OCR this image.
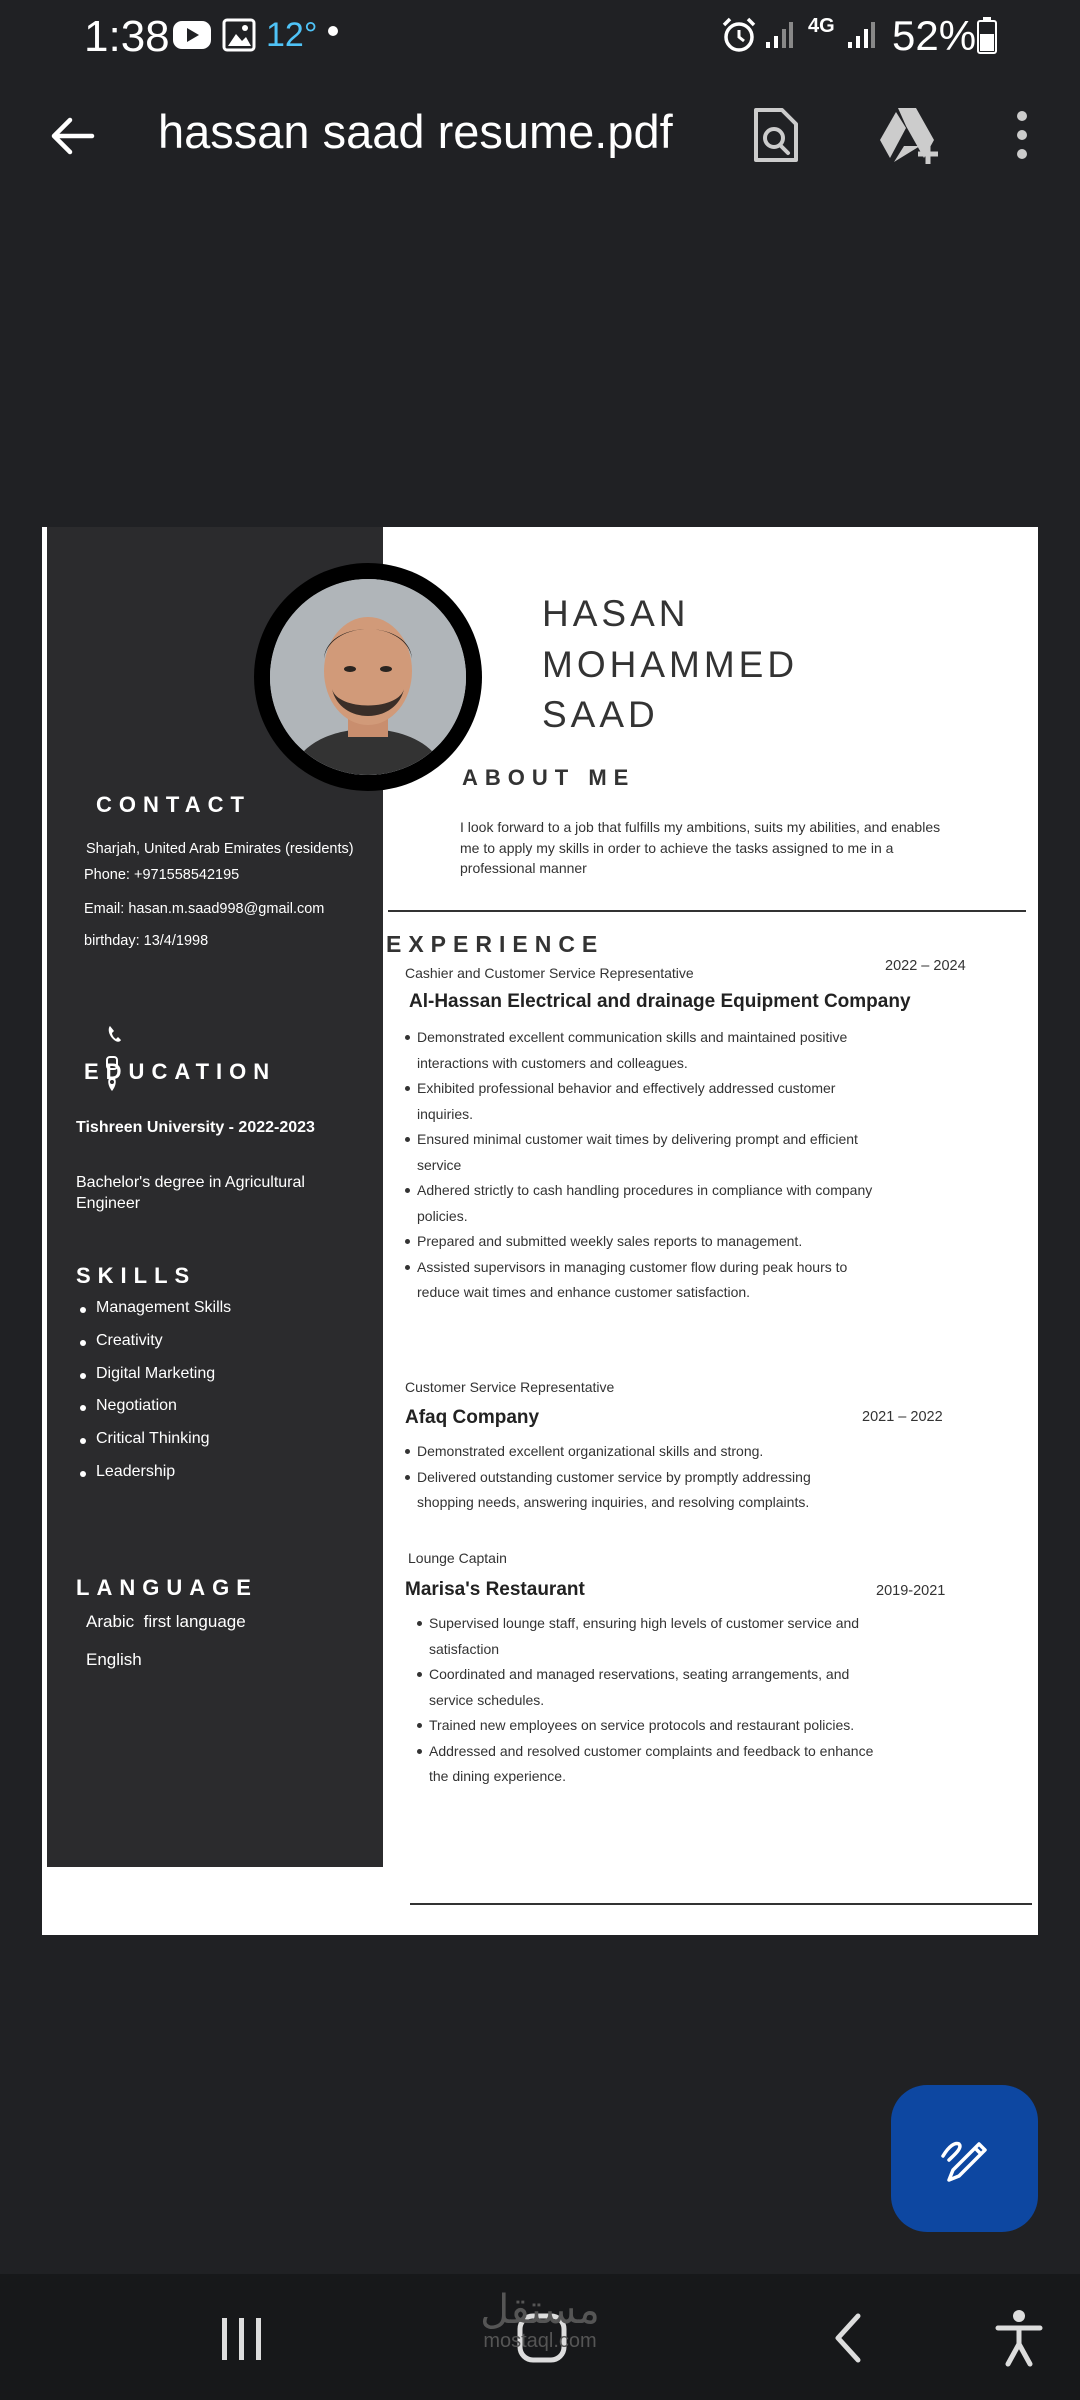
1:38	12°	4G 52%
hassan saad resume.pdf
HASAN
MOHAMMED
SAAD
ABOUT ME
I look forward to a job that fulfills my ambitions, suits my abilities, and enables me to apply my skills in order to achieve the tasks assigned to me in a professional manner
CONTACT
Sharjah, United Arab Emirates (residents)
Phone: +971558542195
Email: hasan.m.saad998@gmail.com
birthday: 13/4/1998
EDUCATION
Tishreen University - 2022-2023
Bachelor's degree in Agricultural Engineer
SKILLS
Management Skills
Creativity
Digital Marketing
Negotiation
Critical Thinking
Leadership
LANGUAGE
Arabic  first language
English
EXPERIENCE
Cashier and Customer Service Representative	2022 – 2024
Al-Hassan Electrical and drainage Equipment Company
Demonstrated excellent communication skills and maintained positive interactions with customers and colleagues.
Exhibited professional behavior and effectively addressed customer inquiries.
Ensured minimal customer wait times by delivering prompt and efficient service
Adhered strictly to cash handling procedures in compliance with company policies.
Prepared and submitted weekly sales reports to management.
Assisted supervisors in managing customer flow during peak hours to reduce wait times and enhance customer satisfaction.
Customer Service Representative
2021 – 2022
Afaq Company
Demonstrated excellent organizational skills and strong.
Delivered outstanding customer service by promptly addressing shopping needs, answering inquiries, and resolving complaints.
Lounge Captain
2019-2021
Marisa's Restaurant
Supervised lounge staff, ensuring high levels of customer service and satisfaction
Coordinated and managed reservations, seating arrangements, and service schedules.
Trained new employees on service protocols and restaurant policies.
Addressed and resolved customer complaints and feedback to enhance the dining experience.
مستقل
mostaql.com
